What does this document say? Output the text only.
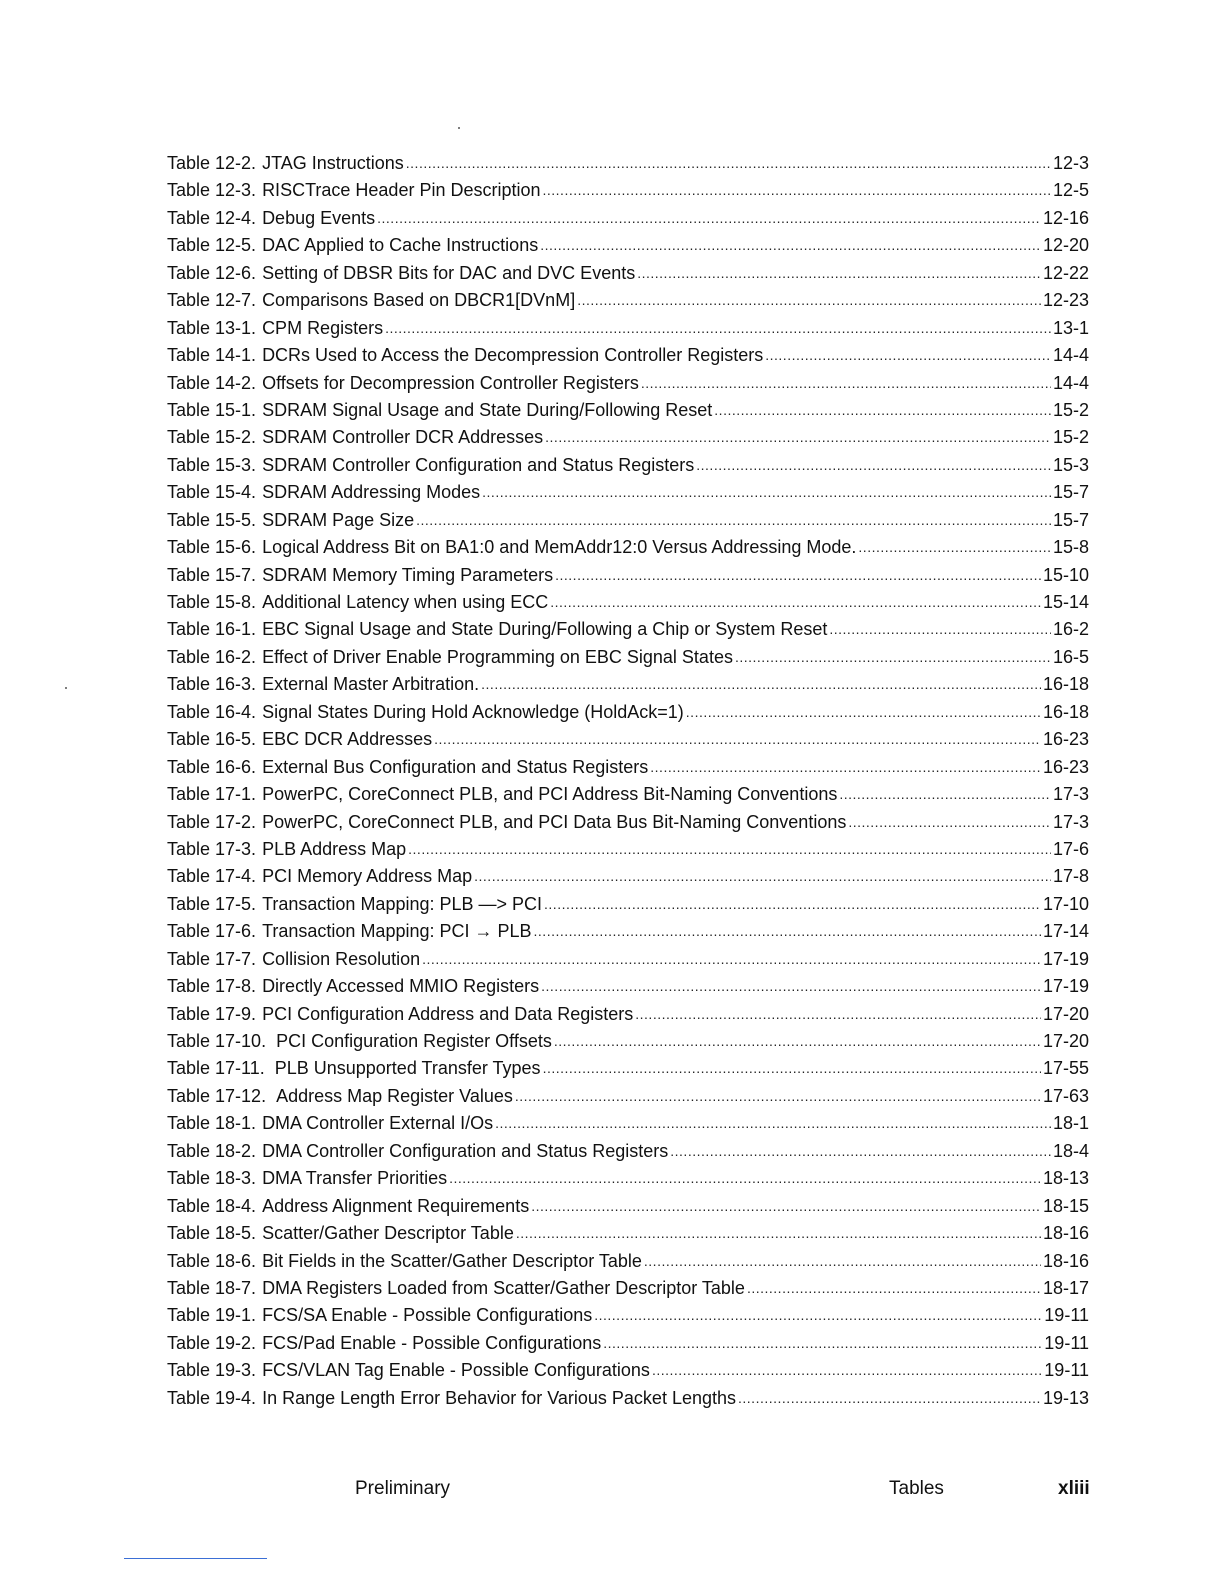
Table 12-2. JTAG Instructions .....	12-3
Table 12-3. RISCTrace Header Pin Description .....	12-5
Table 12-4. Debug Events .....	12-16
Table 12-5. DAC Applied to Cache Instructions .....	12-20
Table 12-6. Setting of DBSR Bits for DAC and DVC Events .....	12-22
Table 12-7. Comparisons Based on DBCR1[DVnM] .....	12-23
Table 13-1. CPM Registers .....	13-1
Table 14-1. DCRs Used to Access the Decompression Controller Registers .....	14-4
Table 14-2. Offsets for Decompression Controller Registers .....	14-4
Table 15-1. SDRAM Signal Usage and State During/Following Reset .....	15-2
Table 15-2. SDRAM Controller DCR Addresses .....	15-2
Table 15-3. SDRAM Controller Configuration and Status Registers .....	15-3
Table 15-4. SDRAM Addressing Modes .....	15-7
Table 15-5. SDRAM Page Size .....	15-7
Table 15-6. Logical Address Bit on BA1:0 and MemAddr12:0 Versus Addressing Mode. .....	15-8
Table 15-7. SDRAM Memory Timing Parameters .....	15-10
Table 15-8. Additional Latency when using ECC .....	15-14
Table 16-1. EBC Signal Usage and State During/Following a Chip or System Reset .....	16-2
Table 16-2. Effect of Driver Enable Programming on EBC Signal States .....	16-5
Table 16-3. External Master Arbitration. .....	16-18
Table 16-4. Signal States During Hold Acknowledge (HoldAck=1) .....	16-18
Table 16-5. EBC DCR Addresses .....	16-23
Table 16-6. External Bus Configuration and Status Registers .....	16-23
Table 17-1. PowerPC, CoreConnect PLB, and PCI Address Bit-Naming Conventions .....	17-3
Table 17-2. PowerPC, CoreConnect PLB, and PCI Data Bus Bit-Naming Conventions .....	17-3
Table 17-3. PLB Address Map .....	17-6
Table 17-4. PCI Memory Address Map .....	17-8
Table 17-5. Transaction Mapping: PLB —> PCI .....	17-10
Table 17-6. Transaction Mapping: PCI → PLB .....	17-14
Table 17-7. Collision Resolution .....	17-19
Table 17-8. Directly Accessed MMIO Registers .....	17-19
Table 17-9. PCI Configuration Address and Data Registers .....	17-20
Table 17-10. PCI Configuration Register Offsets .....	17-20
Table 17-11. PLB Unsupported Transfer Types .....	17-55
Table 17-12. Address Map Register Values .....	17-63
Table 18-1. DMA Controller External I/Os .....	18-1
Table 18-2. DMA Controller Configuration and Status Registers .....	18-4
Table 18-3. DMA Transfer Priorities .....	18-13
Table 18-4. Address Alignment Requirements .....	18-15
Table 18-5. Scatter/Gather Descriptor Table .....	18-16
Table 18-6. Bit Fields in the Scatter/Gather Descriptor Table .....	18-16
Table 18-7. DMA Registers Loaded from Scatter/Gather Descriptor Table .....	18-17
Table 19-1. FCS/SA Enable - Possible Configurations .....	19-11
Table 19-2. FCS/Pad Enable - Possible Configurations .....	19-11
Table 19-3. FCS/VLAN Tag Enable - Possible Configurations .....	19-11
Table 19-4. In Range Length Error Behavior for Various Packet Lengths .....	19-13
Preliminary	Tables	xliii
